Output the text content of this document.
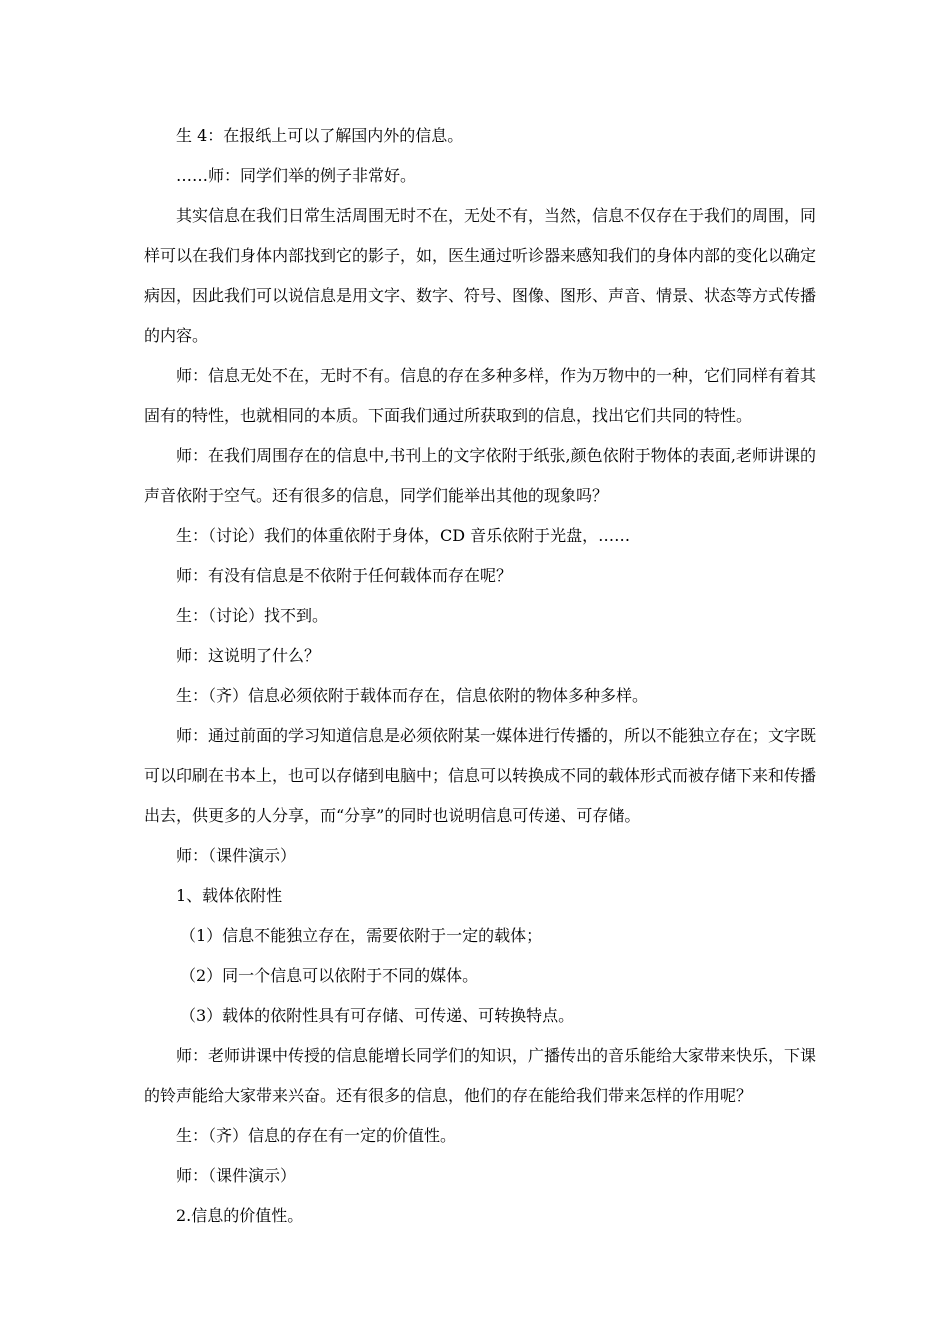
生 4：在报纸上可以了解国内外的信息。

……师：同学们举的例子非常好。

其实信息在我们日常生活周围无时不在，无处不有，当然，信息不仅存在于我们的周围，同样可以在我们身体内部找到它的影子，如，医生通过听诊器来感知我们的身体内部的变化以确定病因，因此我们可以说信息是用文字、数字、符号、图像、图形、声音、情景、状态等方式传播的内容。

师：信息无处不在，无时不有。信息的存在多种多样，作为万物中的一种，它们同样有着其固有的特性，也就相同的本质。下面我们通过所获取到的信息，找出它们共同的特性。

师：在我们周围存在的信息中,书刊上的文字依附于纸张,颜色依附于物体的表面,老师讲课的声音依附于空气。还有很多的信息，同学们能举出其他的现象吗？

生：（讨论）我们的体重依附于身体，CD 音乐依附于光盘，……

师：有没有信息是不依附于任何载体而存在呢？

生：（讨论）找不到。

师：这说明了什么？

生：（齐）信息必须依附于载体而存在，信息依附的物体多种多样。

师：通过前面的学习知道信息是必须依附某一媒体进行传播的，所以不能独立存在；文字既可以印刷在书本上，也可以存储到电脑中；信息可以转换成不同的载体形式而被存储下来和传播出去，供更多的人分享，而“分享”的同时也说明信息可传递、可存储。

师：（课件演示）

1、载体依附性

（1）信息不能独立存在，需要依附于一定的载体；

（2）同一个信息可以依附于不同的媒体。

（3）载体的依附性具有可存储、可传递、可转换特点。

师：老师讲课中传授的信息能增长同学们的知识，广播传出的音乐能给大家带来快乐，下课的铃声能给大家带来兴奋。还有很多的信息，他们的存在能给我们带来怎样的作用呢？

生：（齐）信息的存在有一定的价值性。

师：（课件演示）

2.信息的价值性。
